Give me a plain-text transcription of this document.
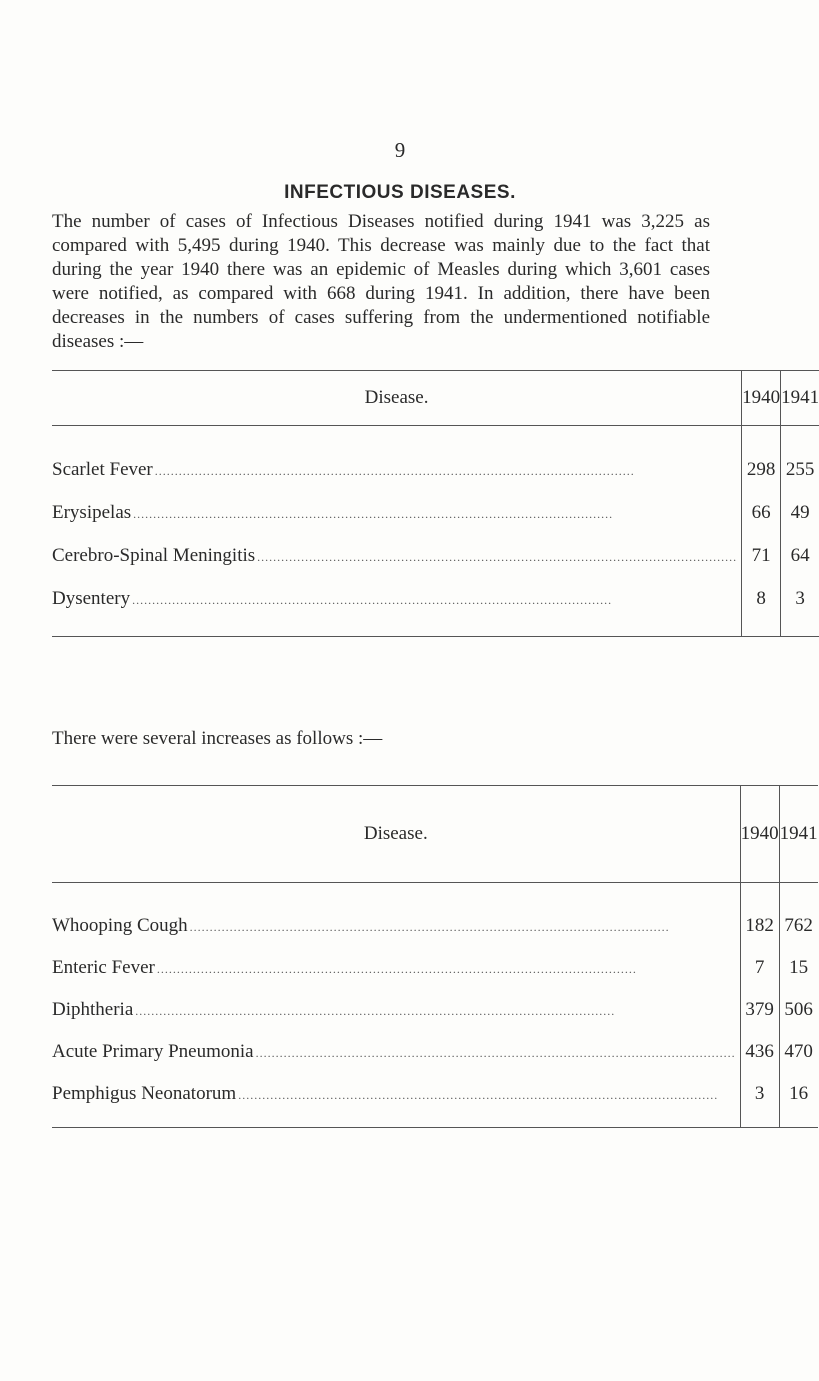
9
INFECTIOUS DISEASES.
The number of cases of Infectious Diseases notified during 1941 was 3,225 as compared with 5,495 during 1940. This decrease was mainly due to the fact that during the year 1940 there was an epidemic of Measles during which 3,601 cases were notified, as compared with 668 during 1941. In addition, there have been decreases in the numbers of cases suffering from the undermentioned notifiable diseases :—
Disease.	1940	1941

Scarlet Fever ........................................................................................................................	298	255

Erysipelas ........................................................................................................................	66	49

Cerebro-Spinal Meningitis ........................................................................................................................	71	64

Dysentery ........................................................................................................................	8	3
There were several increases as follows :—
Disease.	1940	1941

Whooping Cough ........................................................................................................................	182	762

Enteric Fever ........................................................................................................................	7	15

Diphtheria ........................................................................................................................	379	506

Acute Primary Pneumonia ........................................................................................................................	436	470

Pemphigus Neonatorum ........................................................................................................................	3	16
